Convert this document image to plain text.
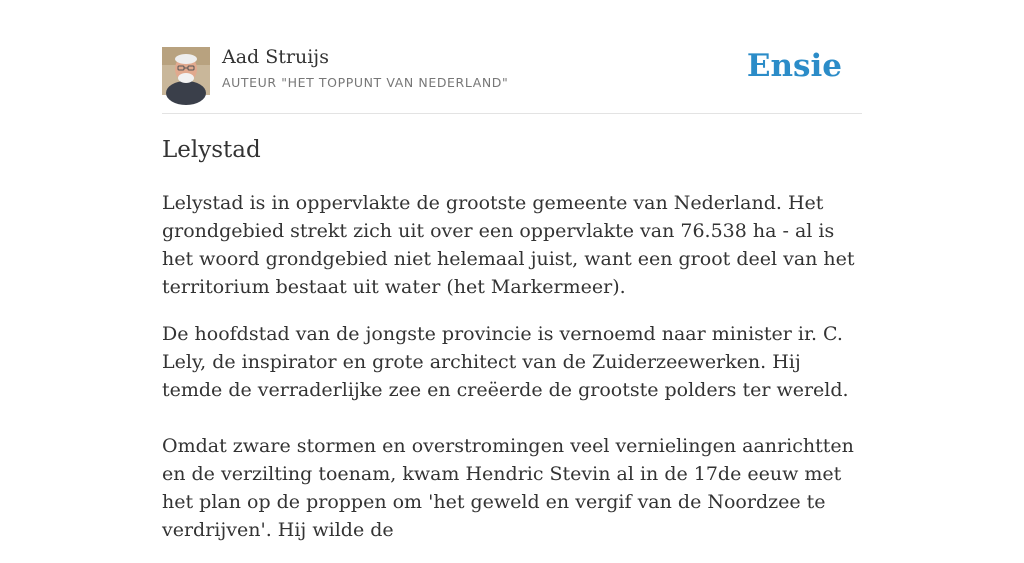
Aad Struijs
AUTEUR "HET TOPPUNT VAN NEDERLAND"	Ensie
Lelystad

Lelystad is in oppervlakte de grootste gemeente van Nederland. Het grondgebied strekt zich uit over een oppervlakte van 76.538 ha - al is het woord grondgebied niet helemaal juist, want een groot deel van het territorium bestaat uit water (het Markermeer).

De hoofdstad van de jongste provincie is vernoemd naar minister ir. C. Lely, de inspirator en grote architect van de Zuiderzeewerken. Hij temde de verraderlijke zee en creëerde de grootste polders ter wereld.

Omdat zware stormen en overstromingen veel vernielingen aanrichtten en de verzilting toenam, kwam Hendric Stevin al in de 17de eeuw met het plan op de proppen om 'het geweld en vergif van de Noordzee te verdrijven'. Hij wilde de
